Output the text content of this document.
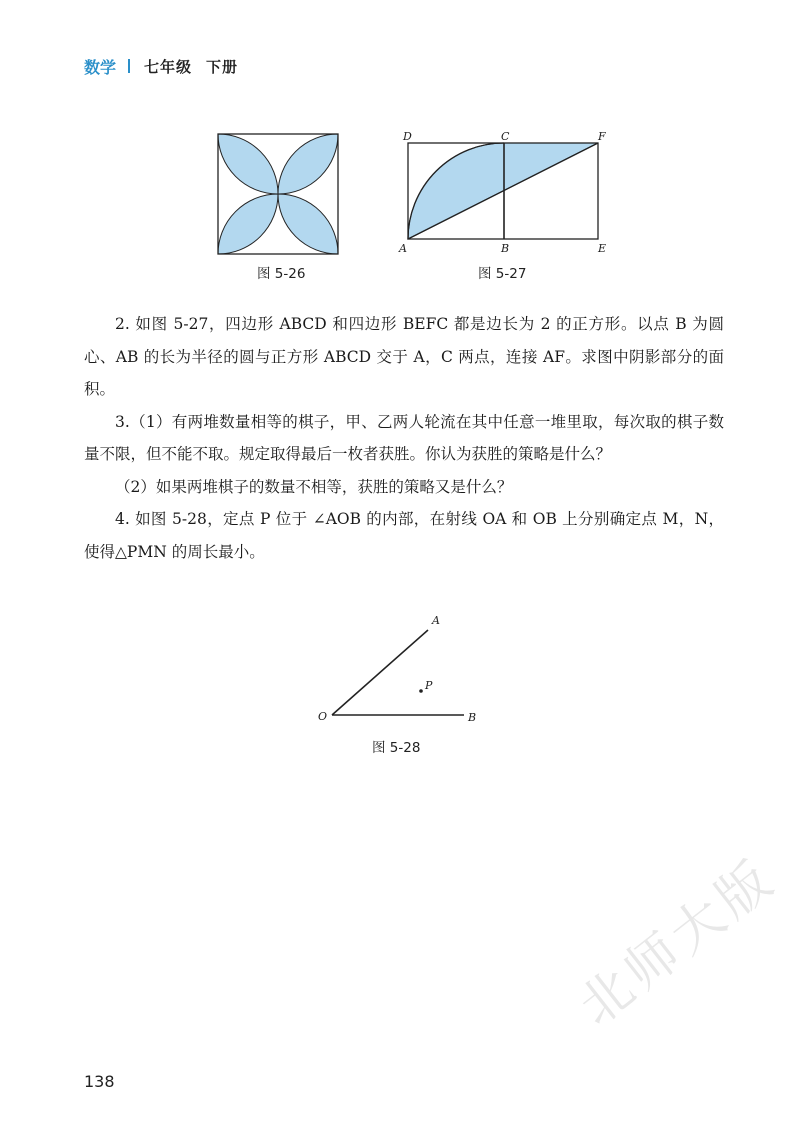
数学 七年级 下册
图 5-26
D	C	F
A	B	E
图 5-27

2. 如图 5-27，四边形 ABCD 和四边形 BEFC 都是边长为 2 的正方形。以点 B 为圆心、AB 的长为半径的圆与正方形 ABCD 交于 A，C 两点，连接 AF。求图中阴影部分的面积。

3.（1）有两堆数量相等的棋子，甲、乙两人轮流在其中任意一堆里取，每次取的棋子数量不限，但不能不取。规定取得最后一枚者获胜。你认为获胜的策略是什么？

（2）如果两堆棋子的数量不相等，获胜的策略又是什么？

4. 如图 5-28，定点 P 位于 ∠AOB 的内部，在射线 OA 和 OB 上分别确定点 M，N，使得△PMN 的周长最小。

O
A
B
P
图 5-28
138
北师大版
